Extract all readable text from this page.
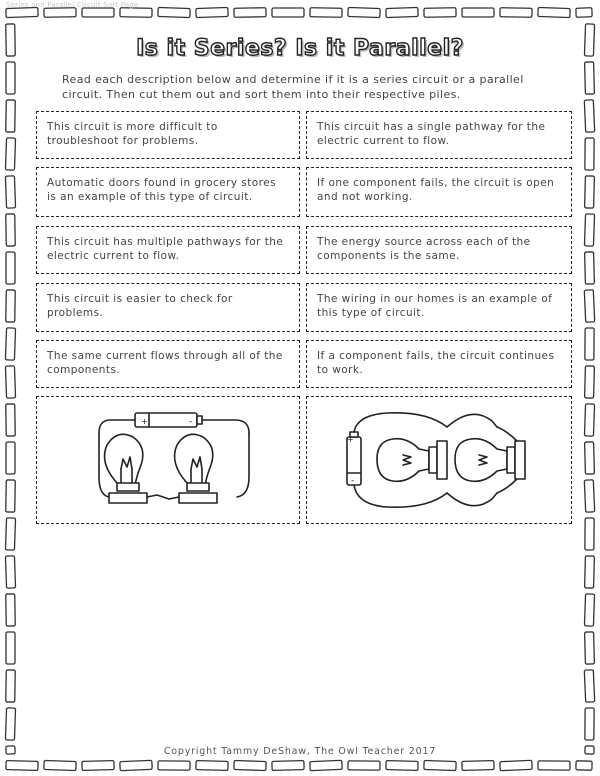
Series and Parallel Circuit Sort Page
Is it Series? Is it Parallel?
Read each description below and determine if it is a series circuit or a parallel circuit. Then cut them out and sort them into their respective piles.
This circuit is more difficult to troubleshoot for problems.
This circuit has a single pathway for the electric current to flow.
Automatic doors found in grocery stores is an example of this type of circuit.
If one component fails, the circuit is open and not working.
This circuit has multiple pathways for the electric current to flow.
The energy source across each of the components is the same.
This circuit is easier to check for problems.
The wiring in our homes is an example of this type of circuit.
The same current flows through all of the components.
If a component fails, the circuit continues to work.
+	-
+
-
Copyright Tammy DeShaw, The Owl Teacher 2017
